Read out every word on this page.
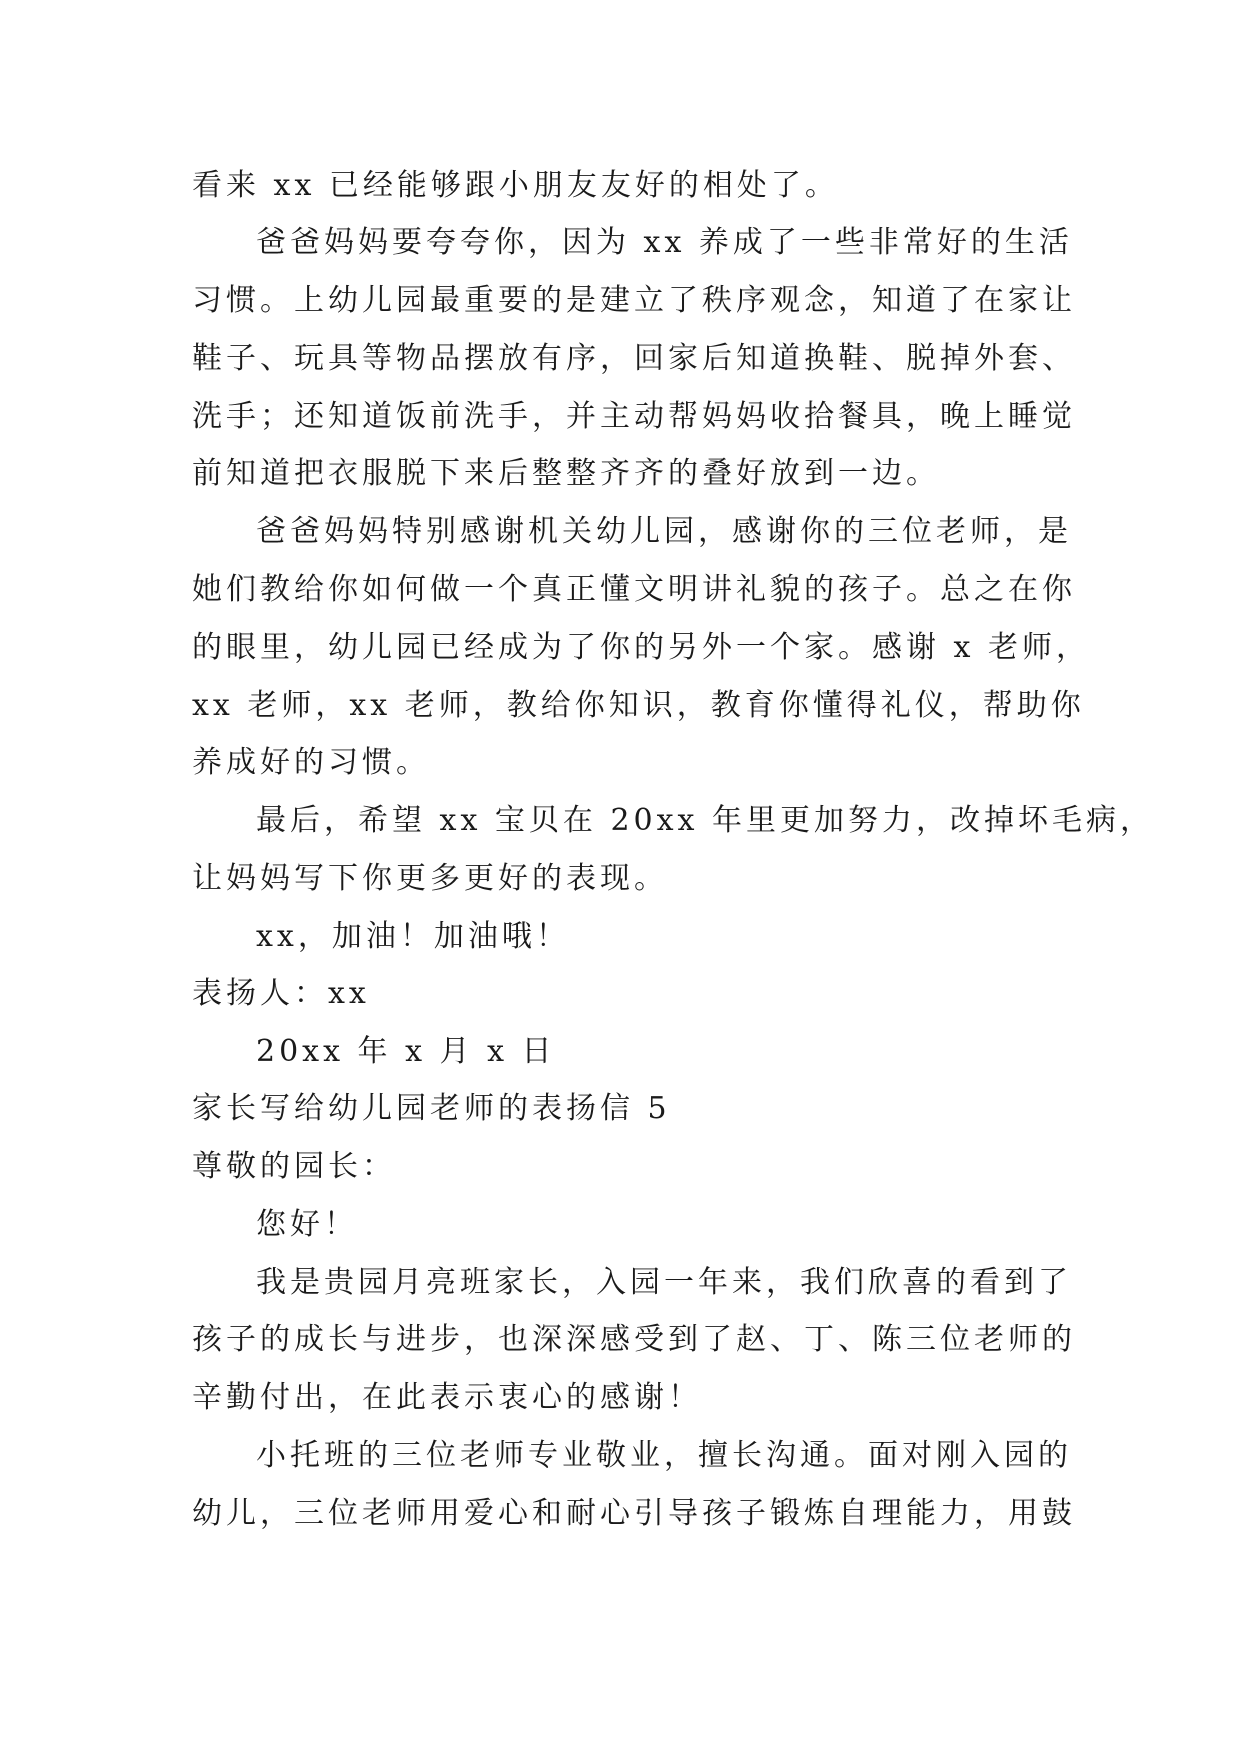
看来 xx 已经能够跟小朋友友好的相处了。
爸爸妈妈要夸夸你，因为 xx 养成了一些非常好的生活
习惯。上幼儿园最重要的是建立了秩序观念，知道了在家让
鞋子、玩具等物品摆放有序，回家后知道换鞋、脱掉外套、
洗手；还知道饭前洗手，并主动帮妈妈收拾餐具，晚上睡觉
前知道把衣服脱下来后整整齐齐的叠好放到一边。
爸爸妈妈特别感谢机关幼儿园，感谢你的三位老师，是
她们教给你如何做一个真正懂文明讲礼貌的孩子。总之在你
的眼里，幼儿园已经成为了你的另外一个家。感谢 x 老师，
xx 老师，xx 老师，教给你知识，教育你懂得礼仪，帮助你
养成好的习惯。
最后，希望 xx 宝贝在 20xx 年里更加努力，改掉坏毛病，
让妈妈写下你更多更好的表现。
xx，加油！加油哦！
表扬人：xx
20xx 年 x 月 x 日
家长写给幼儿园老师的表扬信 5
尊敬的园长：
您好！
我是贵园月亮班家长，入园一年来，我们欣喜的看到了
孩子的成长与进步，也深深感受到了赵、丁、陈三位老师的
辛勤付出，在此表示衷心的感谢！
小托班的三位老师专业敬业，擅长沟通。面对刚入园的
幼儿，三位老师用爱心和耐心引导孩子锻炼自理能力，用鼓
